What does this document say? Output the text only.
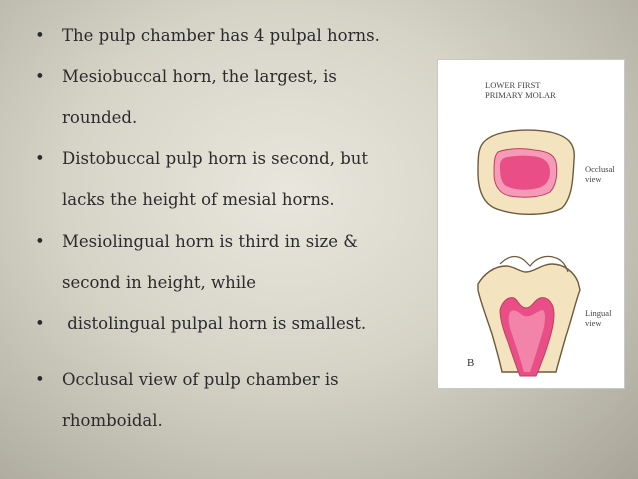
• The pulp chamber has 4 pulpal horns.
• Mesiobuccal horn, the largest, is
rounded.
• Distobuccal pulp horn is second, but
lacks the height of mesial horns.
• Mesiolingual horn is third in size &
second in height, while
• distolingual pulpal horn is smallest.
• Occlusal view of pulp chamber is
rhomboidal.
LOWER FIRST
PRIMARY MOLAR
Occlusal
view
Lingual
view
B
